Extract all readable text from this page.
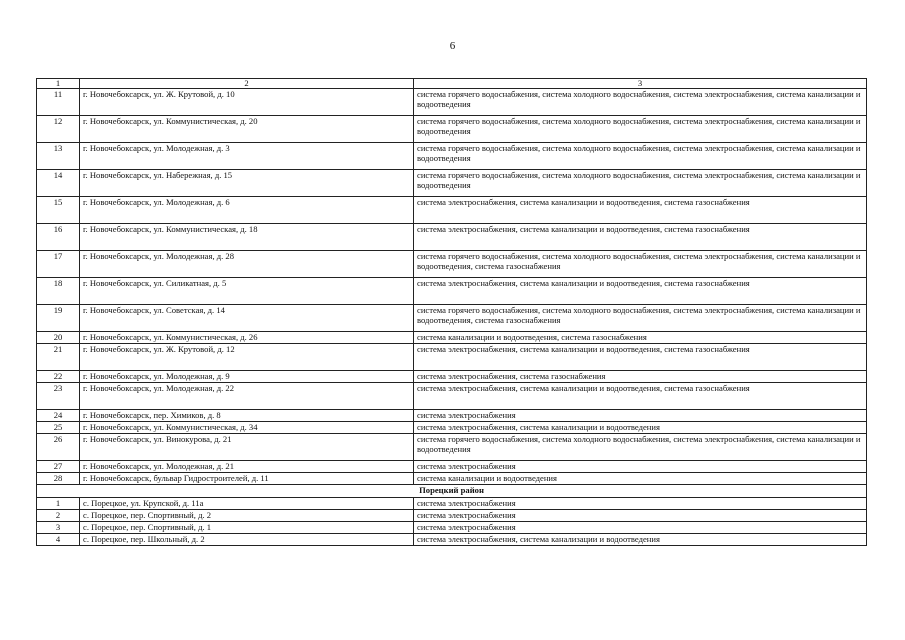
6
1	2	3
11	г. Новочебоксарск, ул. Ж. Крутовой, д. 10	система горячего водоснабжения, система холодного водоснабжения, система электроснабжения, система канализации и водоотведения
12	г. Новочебоксарск, ул. Коммунистическая, д. 20	система горячего водоснабжения, система холодного водоснабжения, система электроснабжения, система канализации и водоотведения
13	г. Новочебоксарск, ул. Молодежная, д. 3	система горячего водоснабжения, система холодного водоснабжения, система электроснабжения, система канализации и водоотведения
14	г. Новочебоксарск, ул. Набережная, д. 15	система горячего водоснабжения, система холодного водоснабжения, система электроснабжения, система канализации и водоотведения
15	г. Новочебоксарск, ул. Молодежная, д. 6	система электроснабжения, система канализации и водоотведения, система газоснабжения
16	г. Новочебоксарск, ул. Коммунистическая, д. 18	система электроснабжения, система канализации и водоотведения, система газоснабжения
17	г. Новочебоксарск, ул. Молодежная, д. 28	система горячего водоснабжения, система холодного водоснабжения, система электроснабжения, система канализации и водоотведения, система газоснабжения
18	г. Новочебоксарск, ул. Силикатная, д. 5	система электроснабжения, система канализации и водоотведения, система газоснабжения
19	г. Новочебоксарск, ул. Советская, д. 14	система горячего водоснабжения, система холодного водоснабжения, система электроснабжения, система канализации и водоотведения, система газоснабжения
20	г. Новочебоксарск, ул. Коммунистическая, д. 26	система канализации и водоотведения, система газоснабжения
21	г. Новочебоксарск, ул. Ж. Крутовой, д. 12	система электроснабжения, система канализации и водоотведения, система газоснабжения
22	г. Новочебоксарск, ул. Молодежная, д. 9	система электроснабжения, система газоснабжения
23	г. Новочебоксарск, ул. Молодежная, д. 22	система электроснабжения, система канализации и водоотведения, система газоснабжения
24	г. Новочебоксарск, пер. Химиков, д. 8	система электроснабжения
25	г. Новочебоксарск, ул. Коммунистическая, д. 34	система электроснабжения, система канализации и водоотведения
26	г. Новочебоксарск, ул. Винокурова, д. 21	система горячего водоснабжения, система холодного водоснабжения, система электроснабжения, система канализации и водоотведения
27	г. Новочебоксарск, ул. Молодежная, д. 21	система электроснабжения
28	г. Новочебоксарск, бульвар Гидростроителей, д. 11	система канализации и водоотведения
Порецкий район		
1	с. Порецкое, ул. Крупской, д. 11а	система электроснабжения
2	с. Порецкое, пер. Спортивный, д. 2	система электроснабжения
3	с. Порецкое, пер. Спортивный, д. 1	система электроснабжения
4	с. Порецкое, пер. Школьный, д. 2	система электроснабжения, система канализации и водоотведения
